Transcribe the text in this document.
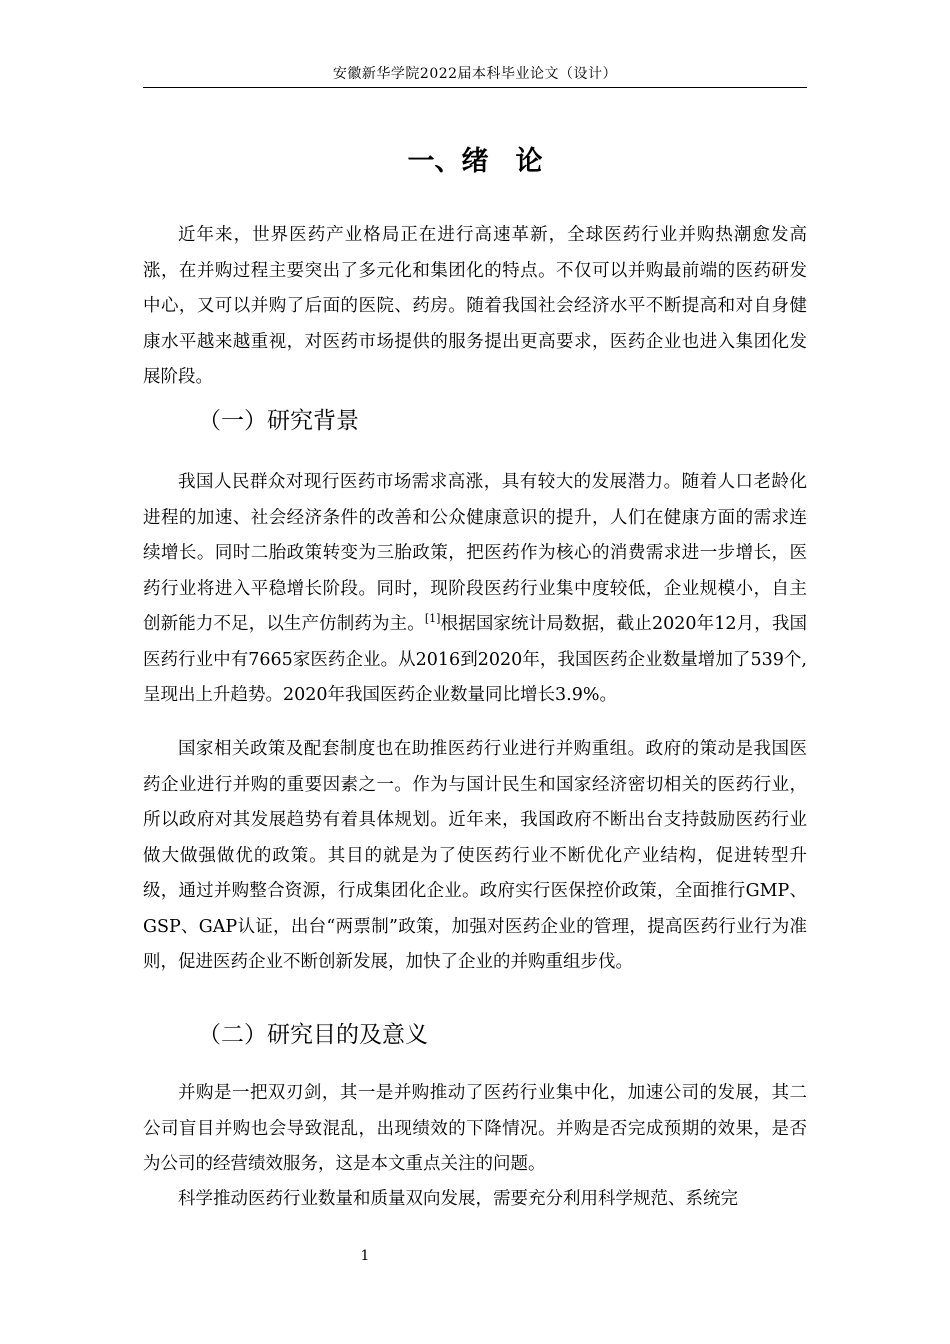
安徽新华学院2022届本科毕业论文（设计）
一、绪　论

近年来，世界医药产业格局正在进行高速革新，全球医药行业并购热潮愈发高涨，在并购过程主要突出了多元化和集团化的特点。不仅可以并购最前端的医药研发中心，又可以并购了后面的医院、药房。随着我国社会经济水平不断提高和对自身健康水平越来越重视，对医药市场提供的服务提出更高要求，医药企业也进入集团化发展阶段。

（一）研究背景

我国人民群众对现行医药市场需求高涨，具有较大的发展潜力。随着人口老龄化进程的加速、社会经济条件的改善和公众健康意识的提升，人们在健康方面的需求连续增长。同时二胎政策转变为三胎政策，把医药作为核心的消费需求进一步增长，医药行业将进入平稳增长阶段。同时，现阶段医药行业集中度较低，企业规模小，自主创新能力不足，以生产仿制药为主。[1]根据国家统计局数据，截止2020年12月，我国医药行业中有7665家医药企业。从2016到2020年，我国医药企业数量增加了539个, 呈现出上升趋势。2020年我国医药企业数量同比增长3.9%。

国家相关政策及配套制度也在助推医药行业进行并购重组。政府的策动是我国医药企业进行并购的重要因素之一。作为与国计民生和国家经济密切相关的医药行业，所以政府对其发展趋势有着具体规划。近年来，我国政府不断出台支持鼓励医药行业做大做强做优的政策。其目的就是为了使医药行业不断优化产业结构，促进转型升级，通过并购整合资源，行成集团化企业。政府实行医保控价政策，全面推行GMP、GSP、GAP认证，出台“两票制”政策，加强对医药企业的管理，提高医药行业行为准则，促进医药企业不断创新发展，加快了企业的并购重组步伐。

（二）研究目的及意义

并购是一把双刃剑，其一是并购推动了医药行业集中化，加速公司的发展，其二公司盲目并购也会导致混乱，出现绩效的下降情况。并购是否完成预期的效果，是否为公司的经营绩效服务，这是本文重点关注的问题。

科学推动医药行业数量和质量双向发展，需要充分利用科学规范、系统完

1
